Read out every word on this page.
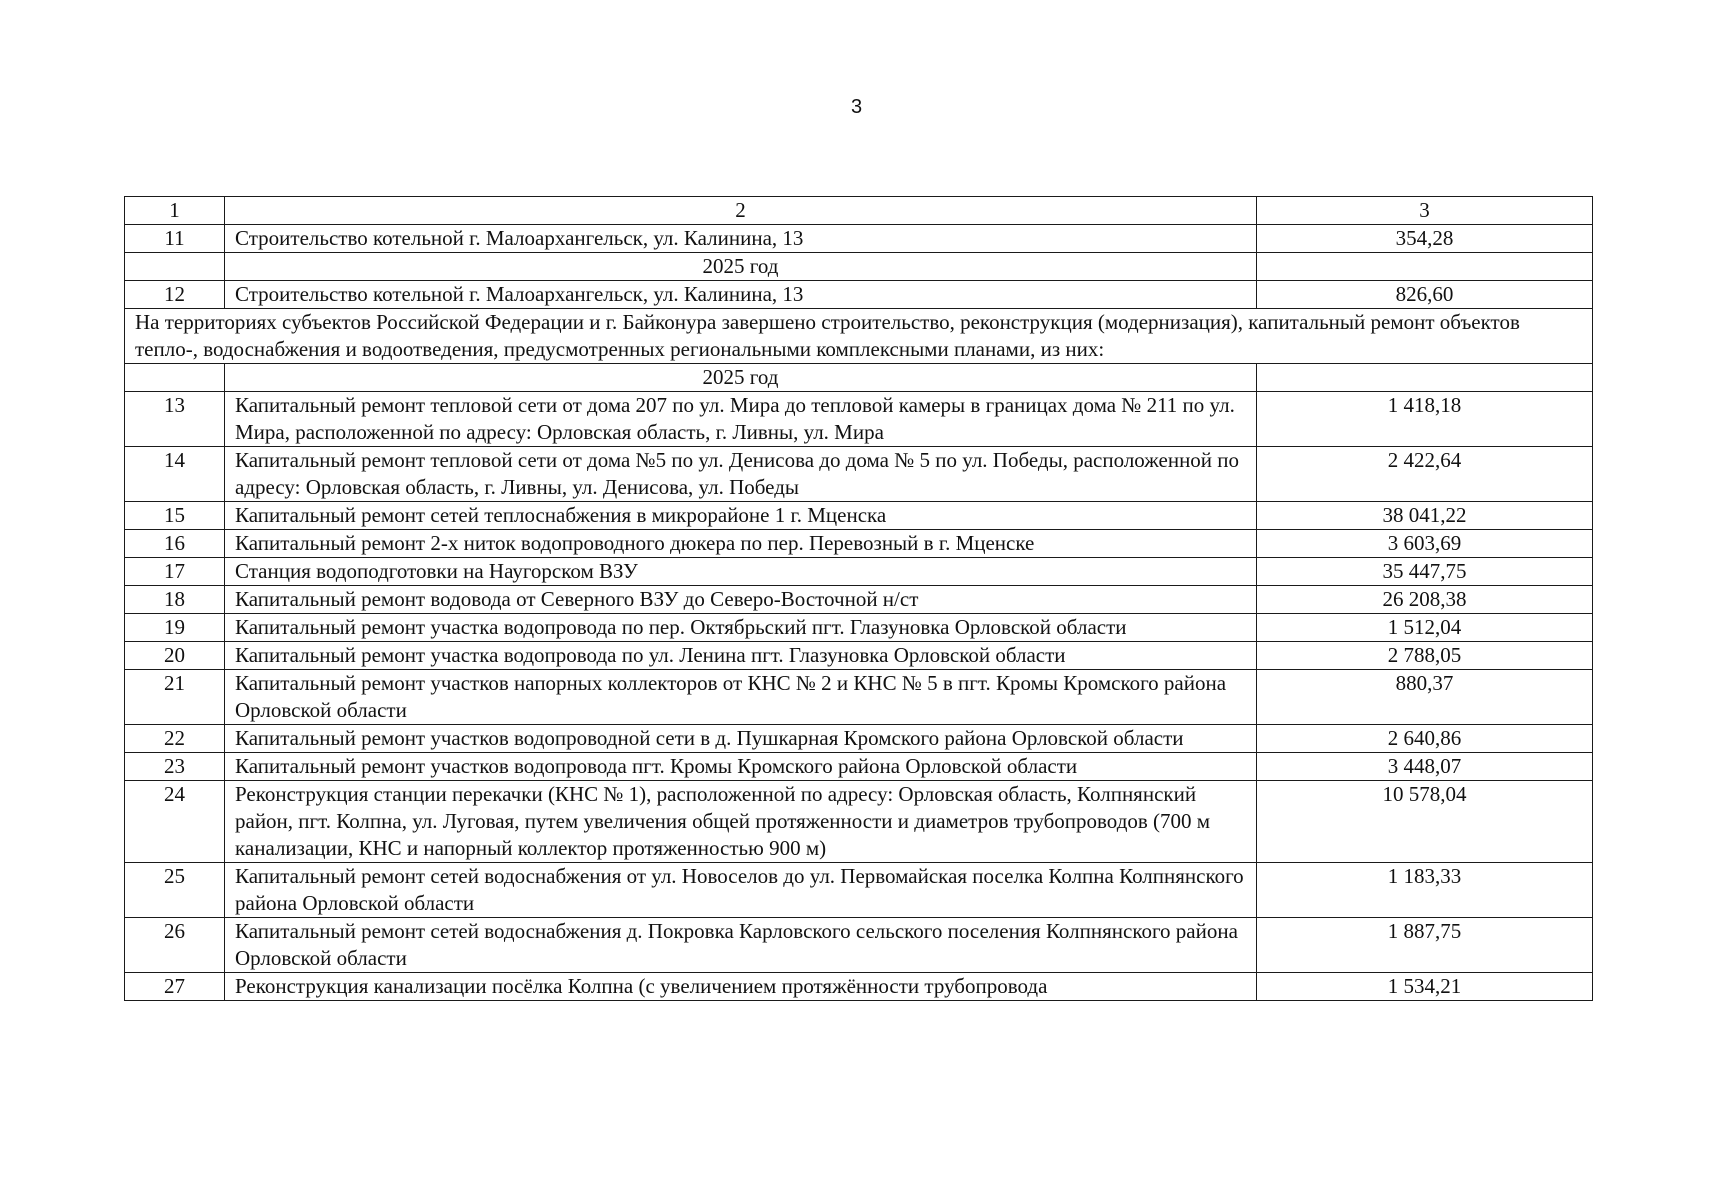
3
1	2	3
11	Строительство котельной г. Малоархангельск, ул. Калинина, 13	354,28
	2025 год	
12	Строительство котельной г. Малоархангельск, ул. Калинина, 13	826,60
На территориях субъектов Российской Федерации и г. Байконура завершено строительство, реконструкция (модернизация), капитальный ремонт объектов тепло-, водоснабжения и водоотведения, предусмотренных региональными комплексными планами, из них:		
	2025 год	
13	Капитальный ремонт тепловой сети от дома 207 по ул. Мира до тепловой камеры в границах дома № 211 по ул. Мира, расположенной по адресу: Орловская область, г. Ливны, ул. Мира	1 418,18
14	Капитальный ремонт тепловой сети от дома №5 по ул. Денисова до дома № 5 по ул. Победы, расположенной по адресу: Орловская область, г. Ливны, ул. Денисова, ул. Победы	2 422,64
15	Капитальный ремонт сетей теплоснабжения в микрорайоне 1 г. Мценска	38 041,22
16	Капитальный ремонт 2-х ниток водопроводного дюкера по пер. Перевозный в г. Мценске	3 603,69
17	Станция водоподготовки на Наугорском ВЗУ	35 447,75
18	Капитальный ремонт водовода от Северного ВЗУ до Северо-Восточной н/ст	26 208,38
19	Капитальный ремонт участка водопровода по пер. Октябрьский пгт. Глазуновка Орловской области	1 512,04
20	Капитальный ремонт участка водопровода по ул. Ленина пгт. Глазуновка Орловской области	2 788,05
21	Капитальный ремонт участков напорных коллекторов от КНС № 2 и КНС № 5 в пгт. Кромы Кромского района Орловской области	880,37
22	Капитальный ремонт участков водопроводной сети в д. Пушкарная Кромского района Орловской области	2 640,86
23	Капитальный ремонт участков водопровода пгт. Кромы Кромского района Орловской области	3 448,07
24	Реконструкция станции перекачки (КНС № 1), расположенной по адресу: Орловская область, Колпнянский район, пгт. Колпна, ул. Луговая, путем увеличения общей протяженности и диаметров трубопроводов (700 м канализации, КНС и напорный коллектор протяженностью 900 м)	10 578,04
25	Капитальный ремонт сетей водоснабжения от ул. Новоселов до ул. Первомайская поселка Колпна Колпнянского района Орловской области	1 183,33
26	Капитальный ремонт сетей водоснабжения д. Покровка Карловского сельского поселения Колпнянского района Орловской области	1 887,75
27	Реконструкция канализации посёлка Колпна (с увеличением протяжённости трубопровода	1 534,21
